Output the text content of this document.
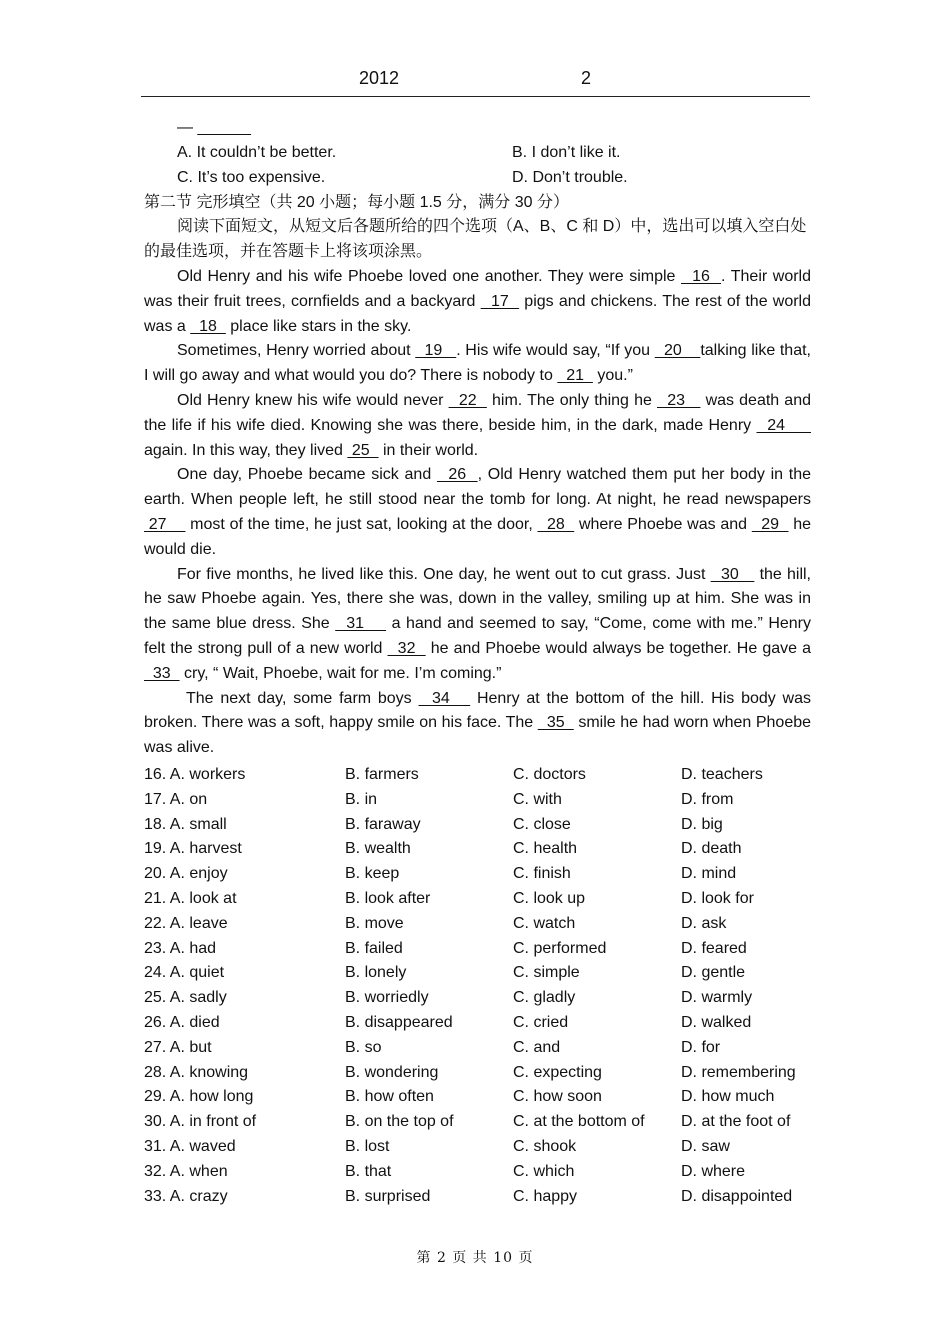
2012	2
— ______
A. It couldn’t be better.	B. I don’t like it.
C. It’s too expensive.	D. Don’t trouble.
第二节 完形填空（共 20 小题；每小题 1.5 分，满分 30 分）
阅读下面短文，从短文后各题所给的四个选项（A、B、C 和 D）中，选出可以填入空白处的最佳选项，并在答题卡上将该项涂黑。

Old Henry and his wife Phoebe loved one another. They were simple   16  . Their world was their fruit trees, cornfields and a backyard   17   pigs and chickens. The rest of the world was a   18   place like stars in the sky.

Sometimes, Henry worried about   19   . His wife would say, “If you   20    talking like that, I will go away and what would you do? There is nobody to   21   you.”

Old Henry knew his wife would never   22   him. The only thing he   23    was death and the life if his wife died. Knowing she was there, beside him, in the dark, made Henry   24      again. In this way, they lived  25   in their world.

One day, Phoebe became sick and   26  , Old Henry watched them put her body in the earth. When people left, he still stood near the tomb for long. At night, he read newspapers  27     most of the time, he just sat, looking at the door,   28   where Phoebe was and   29   he would die.

For five months, he lived like this. One day, he went out to cut grass. Just   30    the hill, he saw Phoebe again. Yes, there she was, down in the valley, smiling up at him. She was in the same blue dress. She   31     a hand and seemed to say, “Come, come with me.” Henry felt the strong pull of a new world   32   he and Phoebe would always be together. He gave a   33   cry, “ Wait, Phoebe, wait for me. I’m coming.”

The next day, some farm boys   34    Henry at the bottom of the hill. His body was broken. There was a soft, happy smile on his face. The   35   smile he had worn when Phoebe was alive.

16. A. workers	B. farmers	C. doctors	D. teachers
17. A. on	B. in	C. with	D. from
18. A. small	B. faraway	C. close	D. big
19. A. harvest	B. wealth	C. health	D. death
20. A. enjoy	B. keep	C. finish	D. mind
21. A. look at	B. look after	C. look up	D. look for
22. A. leave	B. move	C. watch	D. ask
23. A. had	B. failed	C. performed	D. feared
24. A. quiet	B. lonely	C. simple	D. gentle
25. A. sadly	B. worriedly	C. gladly	D. warmly
26. A. died	B. disappeared	C. cried	D. walked
27. A. but	B. so	C. and	D. for
28. A. knowing	B. wondering	C. expecting	D. remembering
29. A. how long	B. how often	C. how soon	D. how much
30. A. in front of	B. on the top of	C. at the bottom of D. at the foot of
31. A. waved	B. lost	C. shook	D. saw
32. A. when	B. that	C. which	D. where
33. A. crazy	B. surprised	C. happy	D. disappointed
第 2 页 共 10 页
